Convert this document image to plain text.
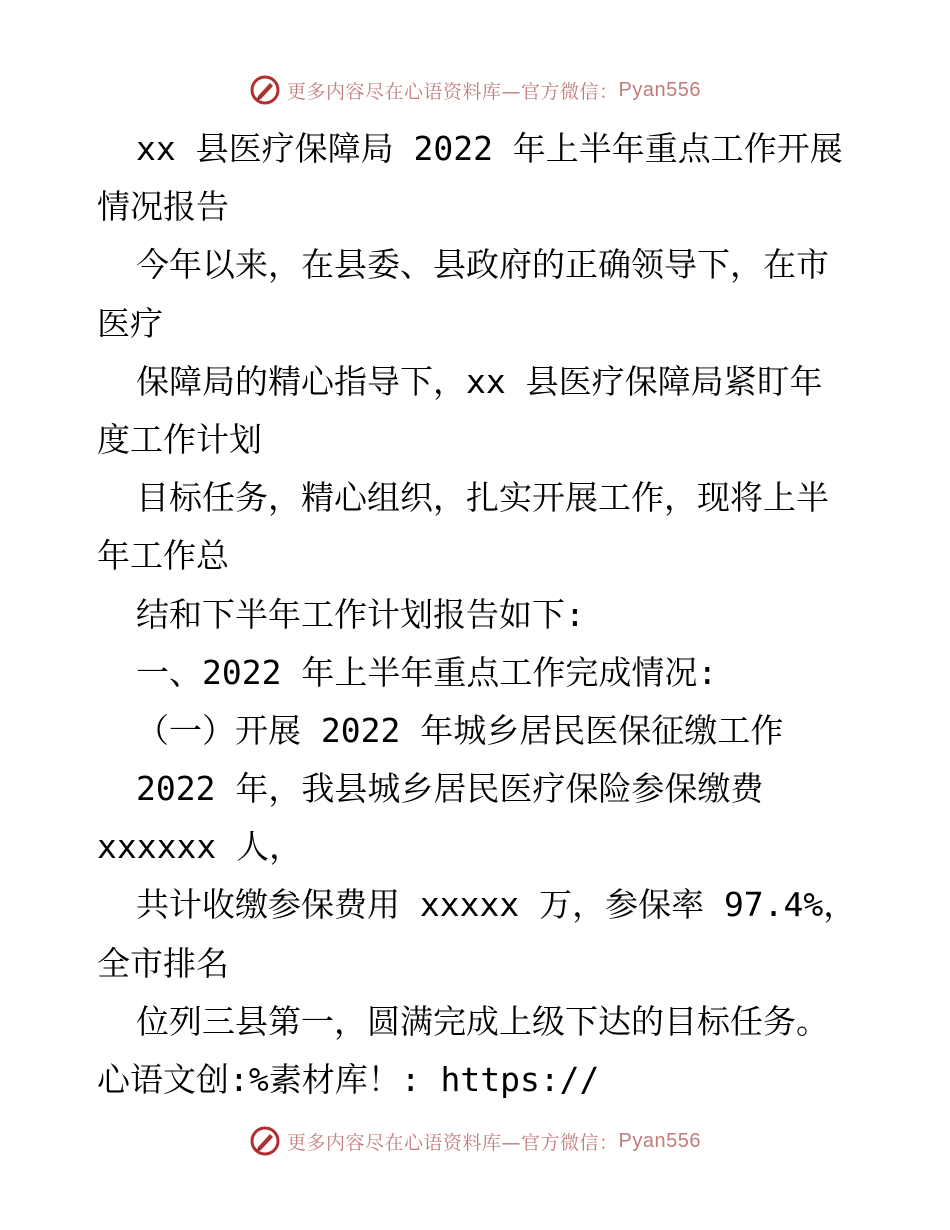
更多内容尽在心语资料库—官方微信： Pyan556
xx 县医疗保障局 2022 年上半年重点工作开展
情况报告
今年以来，在县委、县政府的正确领导下，在市
医疗
保障局的精心指导下，xx 县医疗保障局紧盯年
度工作计划
目标任务，精心组织，扎实开展工作，现将上半
年工作总
结和下半年工作计划报告如下:
一、2022 年上半年重点工作完成情况:
（一）开展 2022 年城乡居民医保征缴工作
2022 年，我县城乡居民医疗保险参保缴费
xxxxxx 人，
共计收缴参保费用 xxxxx 万，参保率 97.4%，
全市排名
位列三县第一，圆满完成上级下达的目标任务。
心语文创:%素材库！: https://
更多内容尽在心语资料库—官方微信： Pyan556
